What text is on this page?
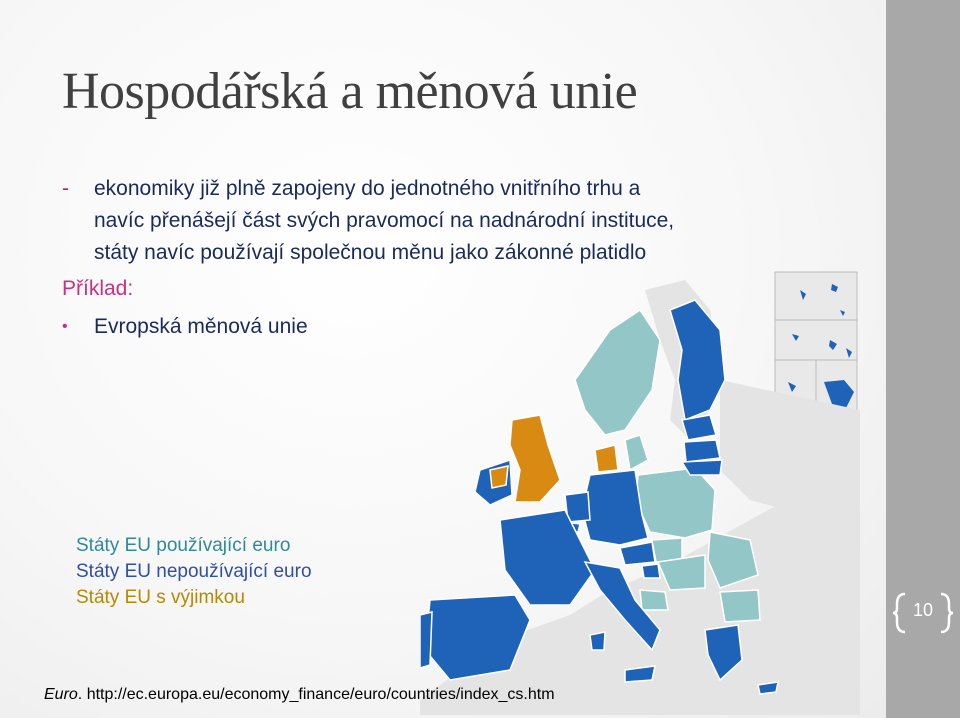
Hospodářská a měnová unie
- ekonomiky již plně zapojeny do jednotného vnitřního trhu a navíc přenášejí část svých pravomocí na nadnárodní instituce, státy navíc používají společnou měnu jako zákonné platidlo
Příklad:
• Evropská měnová unie
Státy EU používající euro
Státy EU nepoužívající euro
Státy EU s výjimkou
Euro. http://ec.europa.eu/economy_finance/euro/countries/index_cs.htm
10
